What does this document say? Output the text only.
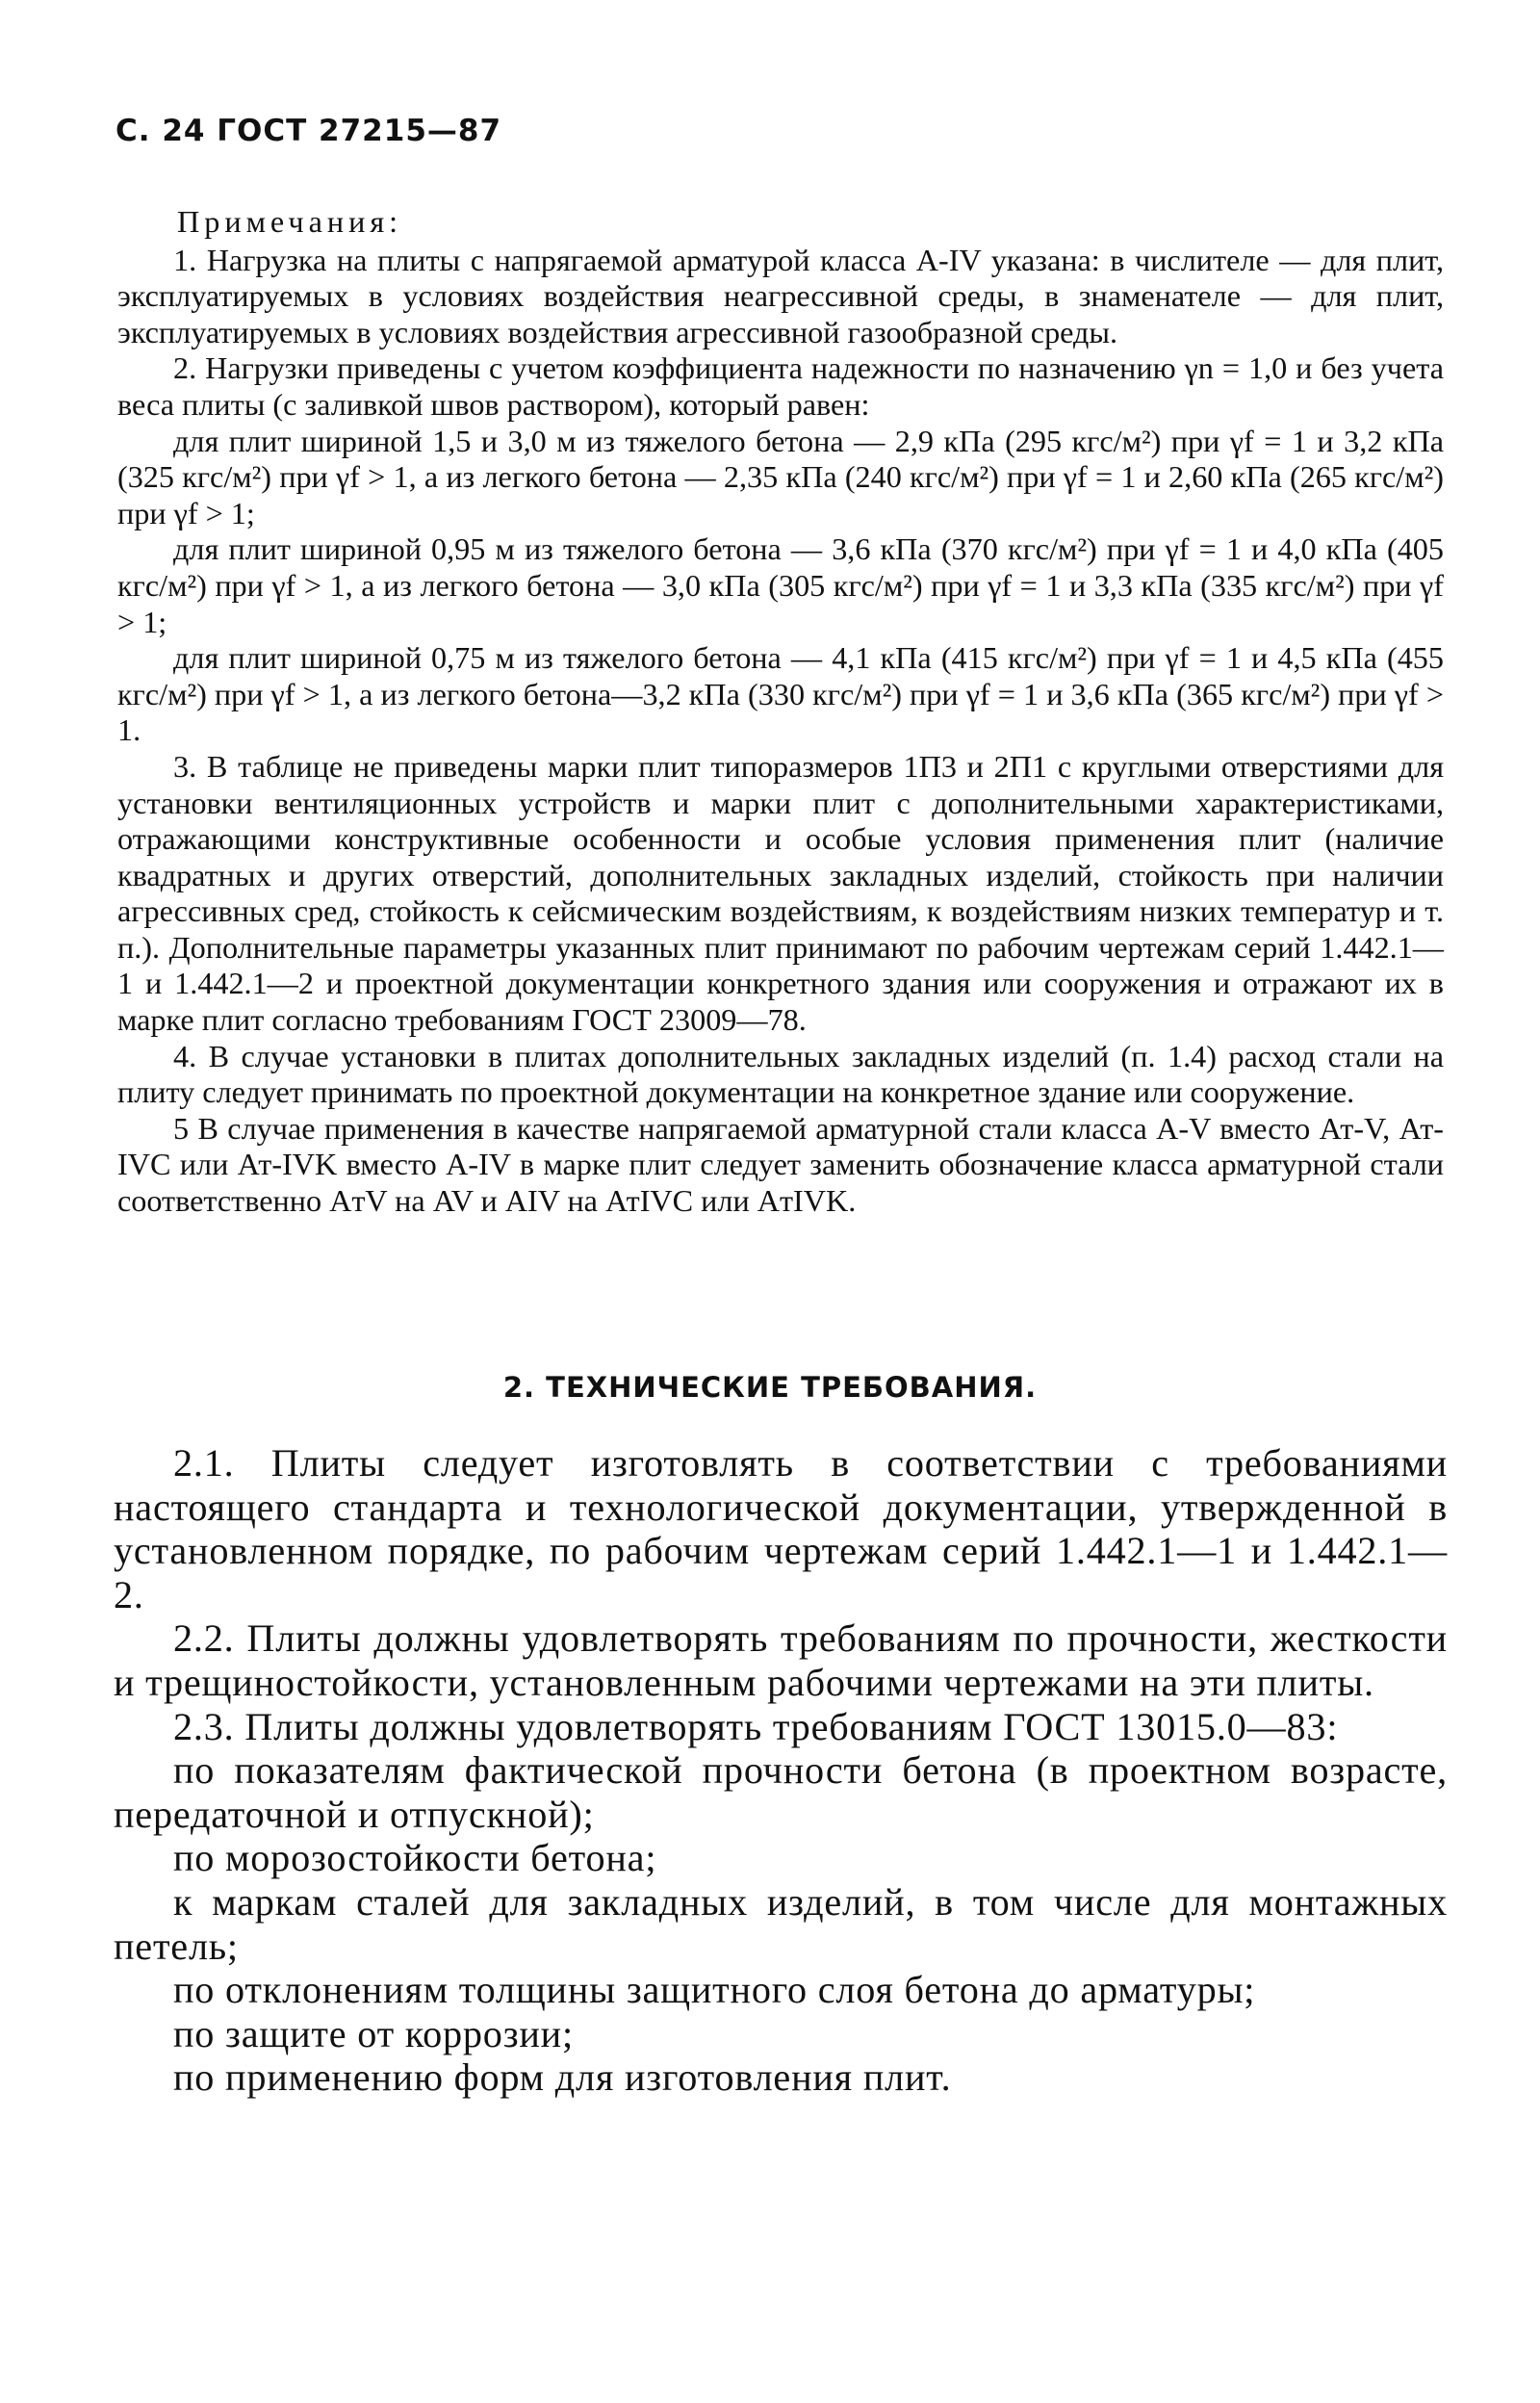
С. 24 ГОСТ 27215—87

Примечания:

1. Нагрузка на плиты с напрягаемой арматурой класса A-IV указана: в числителе — для плит, эксплуатируемых в условиях воздействия неагрессивной среды, в знаменателе — для плит, эксплуатируемых в условиях воздействия агрессивной газообразной среды.

2. Нагрузки приведены с учетом коэффициента надежности по назначению γn = 1,0 и без учета веса плиты (с заливкой швов раствором), который равен:

для плит шириной 1,5 и 3,0 м из тяжелого бетона — 2,9 кПа (295 кгс/м²) при γf = 1 и 3,2 кПа (325 кгс/м²) при γf > 1, а из легкого бетона — 2,35 кПа (240 кгс/м²) при γf = 1 и 2,60 кПа (265 кгс/м²) при γf > 1;

для плит шириной 0,95 м из тяжелого бетона — 3,6 кПа (370 кгс/м²) при γf = 1 и 4,0 кПа (405 кгс/м²) при γf > 1, а из легкого бетона — 3,0 кПа (305 кгс/м²) при γf = 1 и 3,3 кПа (335 кгс/м²) при γf > 1;

для плит шириной 0,75 м из тяжелого бетона — 4,1 кПа (415 кгс/м²) при γf = 1 и 4,5 кПа (455 кгс/м²) при γf > 1, а из легкого бетона—3,2 кПа (330 кгс/м²) при γf = 1 и 3,6 кПа (365 кгс/м²) при γf > 1.

3. В таблице не приведены марки плит типоразмеров 1П3 и 2П1 с круглыми отверстиями для установки вентиляционных устройств и марки плит с дополнительными характеристиками, отражающими конструктивные особенности и особые условия применения плит (наличие квадратных и других отверстий, дополнительных закладных изделий, стойкость при наличии агрессивных сред, стойкость к сейсмическим воздействиям, к воздействиям низких температур и т. п.). Дополнительные параметры указанных плит принимают по рабочим чертежам серий 1.442.1—1 и 1.442.1—2 и проектной документации конкретного здания или сооружения и отражают их в марке плит согласно требованиям ГОСТ 23009—78.

4. В случае установки в плитах дополнительных закладных изделий (п. 1.4) расход стали на плиту следует принимать по проектной документации на конкретное здание или сооружение.

5 В случае применения в качестве напрягаемой арматурной стали класса A-V вместо Ат-V, Ат-IVC или Ат-IVK вместо A-IV в марке плит следует заменить обозначение класса арматурной стали соответственно AтV на AV и AIV на АтIVС или AтIVK.

2. ТЕХНИЧЕСКИЕ ТРЕБОВАНИЯ.

2.1. Плиты следует изготовлять в соответствии с требованиями настоящего стандарта и технологической документации, утвержденной в установленном порядке, по рабочим чертежам серий 1.442.1—1 и 1.442.1—2.

2.2. Плиты должны удовлетворять требованиям по прочности, жесткости и трещиностойкости, установленным рабочими чертежами на эти плиты.

2.3. Плиты должны удовлетворять требованиям ГОСТ 13015.0—83:

по показателям фактической прочности бетона (в проектном возрасте, передаточной и отпускной);

по морозостойкости бетона;

к маркам сталей для закладных изделий, в том числе для монтажных петель;

по отклонениям толщины защитного слоя бетона до арматуры;

по защите от коррозии;

по применению форм для изготовления плит.
